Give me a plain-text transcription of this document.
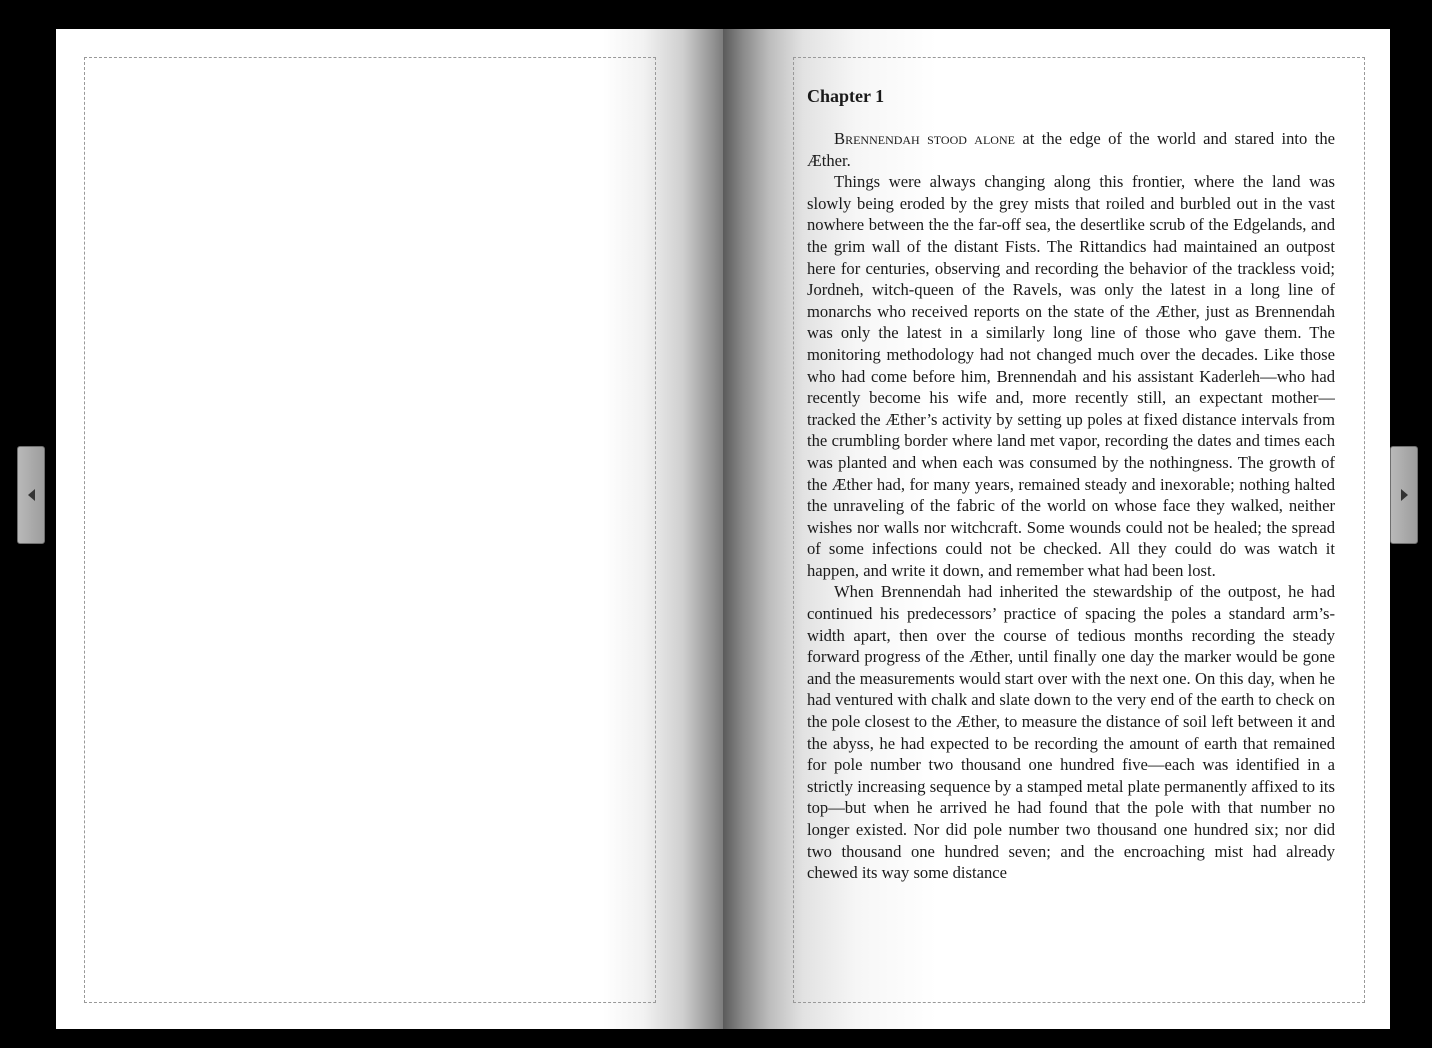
Chapter 1

Brennendah stood alone at the edge of the world and stared into the Æther.

Things were always changing along this frontier, where the land was slowly being eroded by the grey mists that roiled and burbled out in the vast nowhere between the the far-off sea, the desertlike scrub of the Edgelands, and the grim wall of the distant Fists. The Rittandics had maintained an outpost here for centuries, observing and recording the behavior of the trackless void; Jordneh, witch-queen of the Ravels, was only the latest in a long line of monarchs who received reports on the state of the Æther, just as Brennendah was only the latest in a similarly long line of those who gave them. The monitoring methodology had not changed much over the decades. Like those who had come before him, Brennendah and his assistant Kaderleh—who had recently become his wife and, more recently still, an expectant mother—tracked the Æther’s activity by setting up poles at fixed distance intervals from the crumbling border where land met vapor, recording the dates and times each was planted and when each was consumed by the nothingness. The growth of the Æther had, for many years, remained steady and inexorable; nothing halted the unraveling of the fabric of the world on whose face they walked, neither wishes nor walls nor witchcraft. Some wounds could not be healed; the spread of some infections could not be checked. All they could do was watch it happen, and write it down, and remember what had been lost.

When Brennendah had inherited the stewardship of the outpost, he had continued his predecessors’ practice of spacing the poles a standard arm’s-width apart, then over the course of tedious months recording the steady forward progress of the Æther, until finally one day the marker would be gone and the measurements would start over with the next one. On this day, when he had ventured with chalk and slate down to the very end of the earth to check on the pole closest to the Æther, to measure the distance of soil left between it and the abyss, he had expected to be recording the amount of earth that remained for pole number two thousand one hundred five—each was identified in a strictly increasing sequence by a stamped metal plate permanently affixed to its top—but when he arrived he had found that the pole with that number no longer existed. Nor did pole number two thousand one hundred six; nor did two thousand one hundred seven; and the encroaching mist had already chewed its way some distance
